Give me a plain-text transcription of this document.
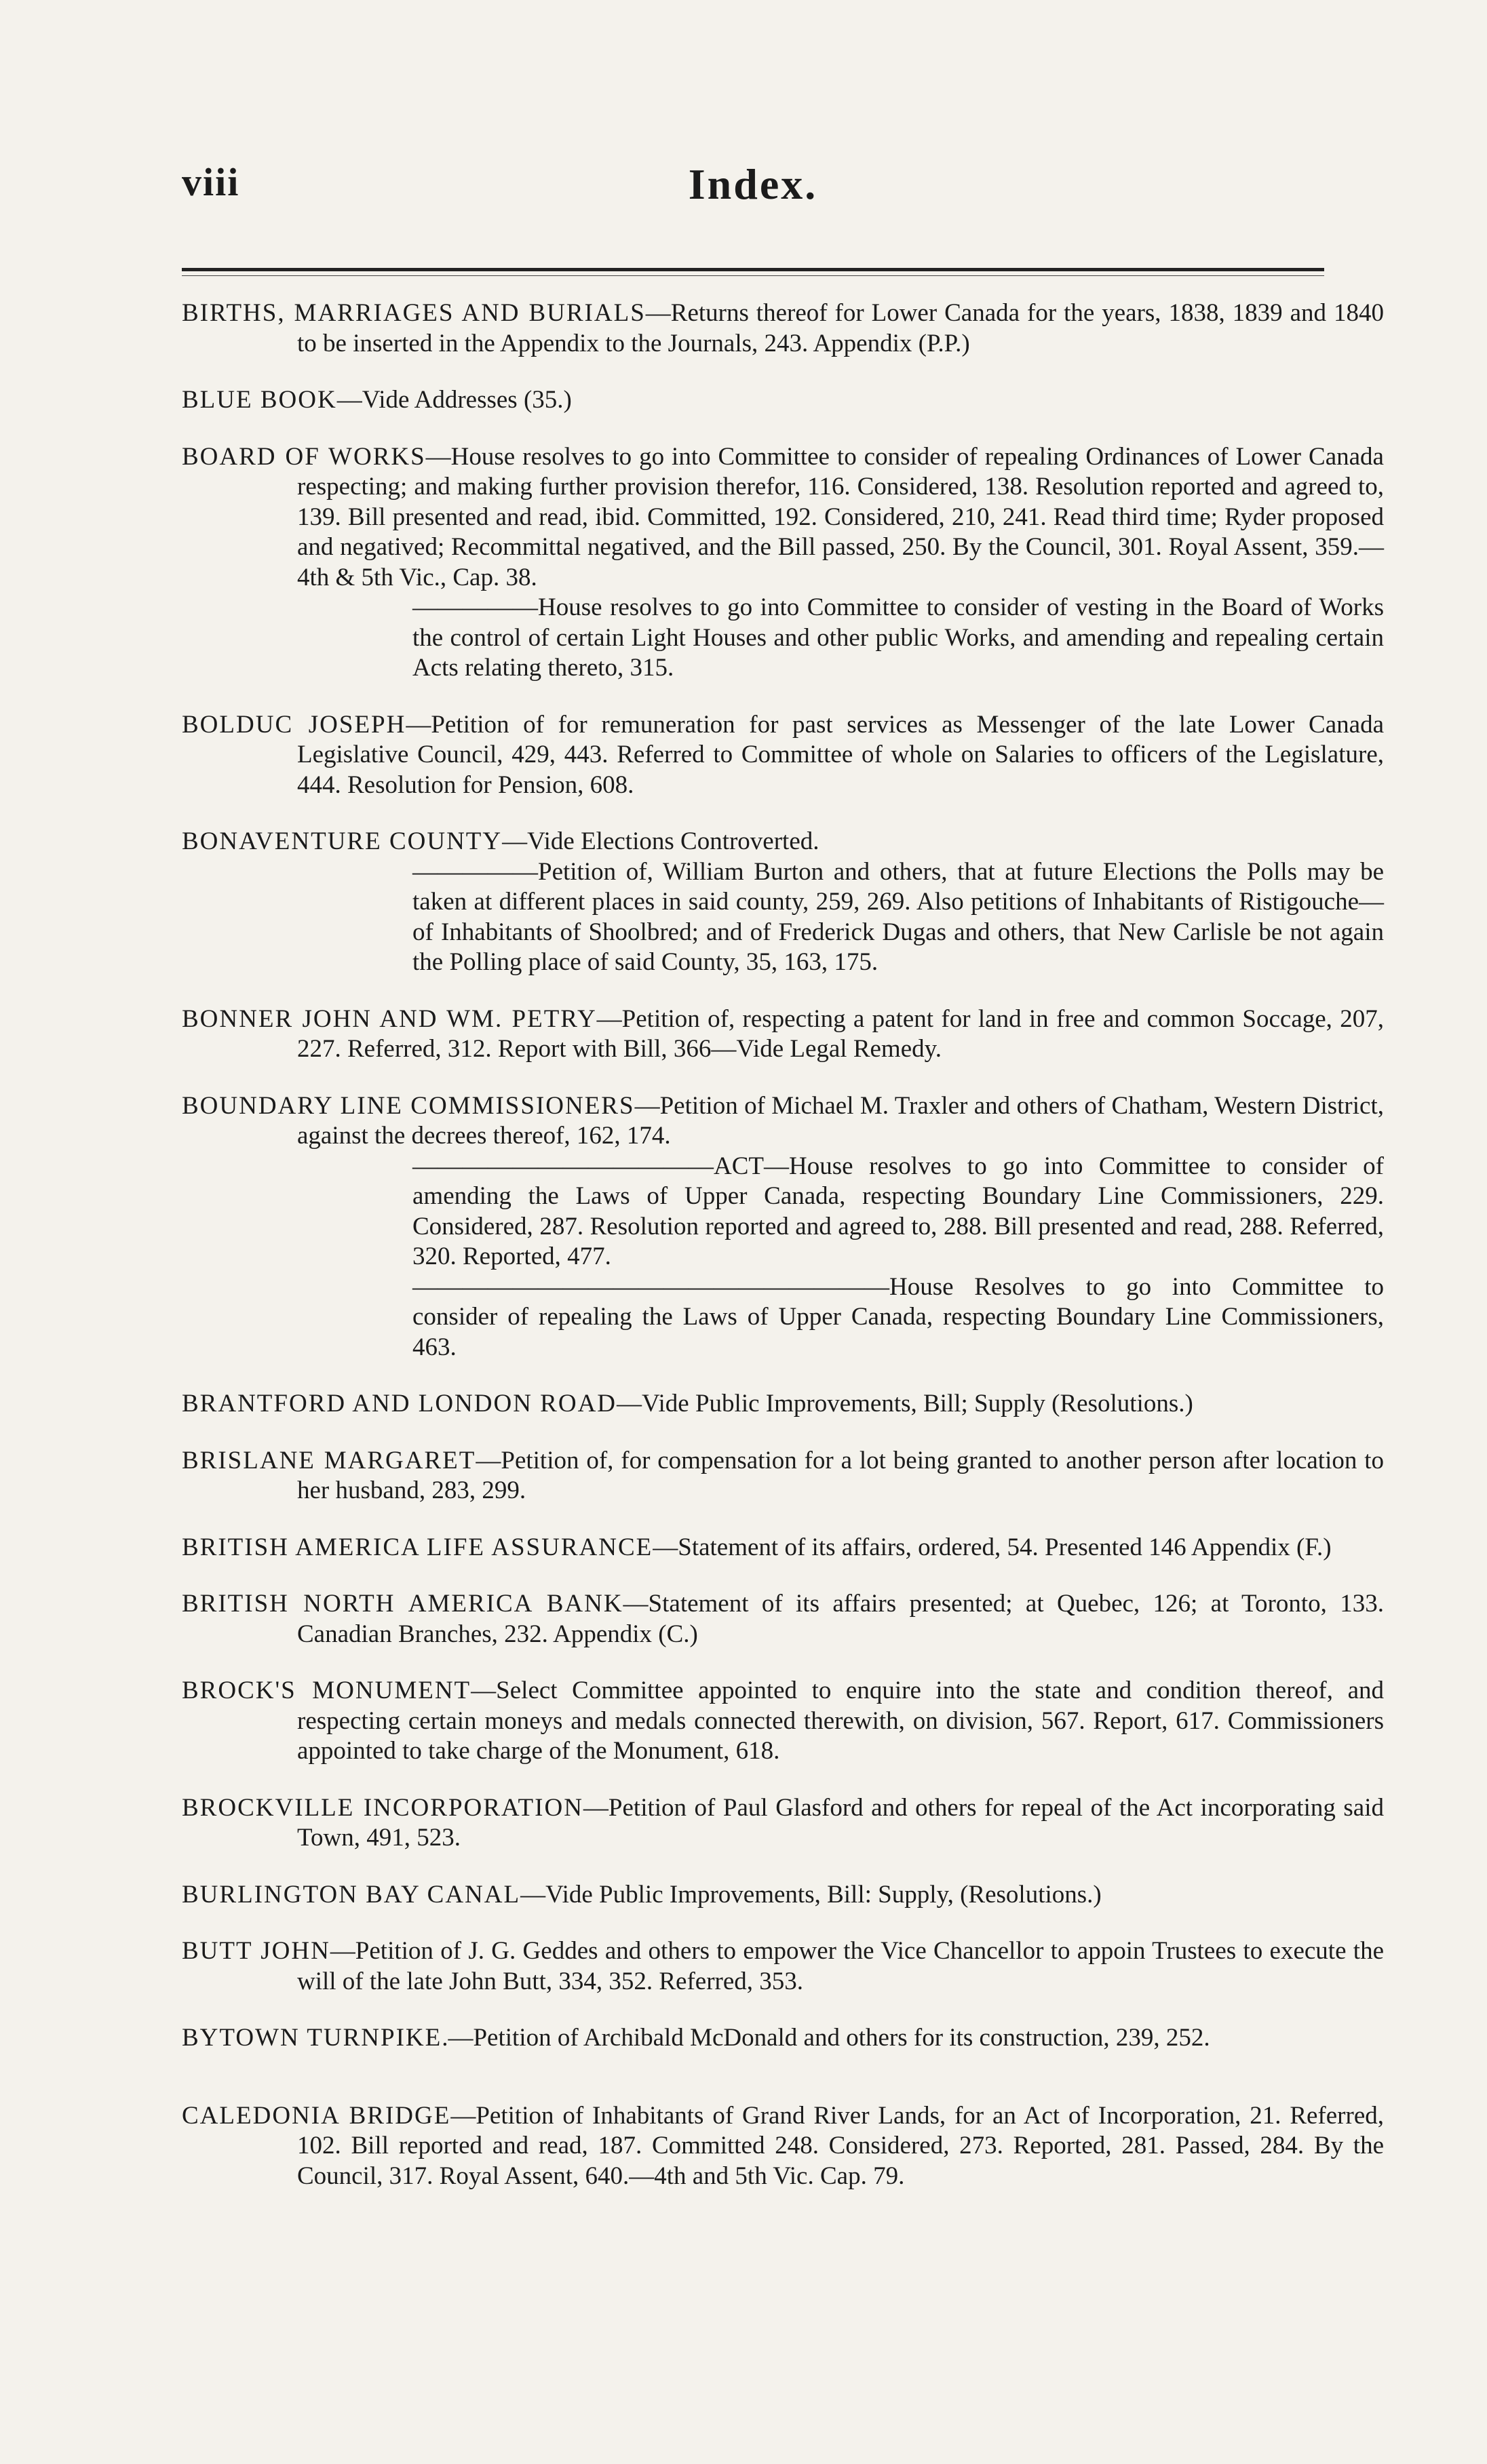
viii	Index.

BIRTHS, MARRIAGES AND BURIALS—Returns thereof for Lower Canada for the years, 1838, 1839 and 1840 to be inserted in the Appendix to the Journals, 243. Appendix (P.P.)

BLUE BOOK—Vide Addresses (35.)

BOARD OF WORKS—House resolves to go into Committee to consider of repealing Ordinances of Lower Canada respecting; and making further provision therefor, 116. Considered, 138. Resolution reported and agreed to, 139. Bill presented and read, ibid. Committed, 192. Considered, 210, 241. Read third time; Ryder proposed and negatived; Recommittal negatived, and the Bill passed, 250. By the Council, 301. Royal Assent, 359.—4th & 5th Vic., Cap. 38.
—————House resolves to go into Committee to consider of vesting in the Board of Works the control of certain Light Houses and other public Works, and amending and repealing certain Acts relating thereto, 315.

BOLDUC JOSEPH—Petition of for remuneration for past services as Messenger of the late Lower Canada Legislative Council, 429, 443. Referred to Committee of whole on Salaries to officers of the Legislature, 444. Resolution for Pension, 608.

BONAVENTURE COUNTY—Vide Elections Controverted.
—————Petition of, William Burton and others, that at future Elections the Polls may be taken at different places in said county, 259, 269. Also petitions of Inhabitants of Ristigouche—of Inhabitants of Shoolbred; and of Frederick Dugas and others, that New Carlisle be not again the Polling place of said County, 35, 163, 175.

BONNER JOHN AND WM. PETRY—Petition of, respecting a patent for land in free and common Soccage, 207, 227. Referred, 312. Report with Bill, 366—Vide Legal Remedy.

BOUNDARY LINE COMMISSIONERS—Petition of Michael M. Traxler and others of Chatham, Western District, against the decrees thereof, 162, 174.
————————————ACT—House resolves to go into Committee to consider of amending the Laws of Upper Canada, respecting Boundary Line Commissioners, 229. Considered, 287. Resolution reported and agreed to, 288. Bill presented and read, 288. Referred, 320. Reported, 477.
———————————————————House Resolves to go into Committee to consider of repealing the Laws of Upper Canada, respecting Boundary Line Commissioners, 463.

BRANTFORD AND LONDON ROAD—Vide Public Improvements, Bill; Supply (Resolutions.)

BRISLANE MARGARET—Petition of, for compensation for a lot being granted to another person after location to her husband, 283, 299.

BRITISH AMERICA LIFE ASSURANCE—Statement of its affairs, ordered, 54. Presented 146 Appendix (F.)

BRITISH NORTH AMERICA BANK—Statement of its affairs presented; at Quebec, 126; at Toronto, 133. Canadian Branches, 232. Appendix (C.)

BROCK'S MONUMENT—Select Committee appointed to enquire into the state and condition thereof, and respecting certain moneys and medals connected therewith, on division, 567. Report, 617. Commissioners appointed to take charge of the Monument, 618.

BROCKVILLE INCORPORATION—Petition of Paul Glasford and others for repeal of the Act incorporating said Town, 491, 523.

BURLINGTON BAY CANAL—Vide Public Improvements, Bill: Supply, (Resolutions.)

BUTT JOHN—Petition of J. G. Geddes and others to empower the Vice Chancellor to appoin Trustees to execute the will of the late John Butt, 334, 352. Referred, 353.

BYTOWN TURNPIKE.—Petition of Archibald McDonald and others for its construction, 239, 252.

CALEDONIA BRIDGE—Petition of Inhabitants of Grand River Lands, for an Act of Incorporation, 21. Referred, 102. Bill reported and read, 187. Committed 248. Considered, 273. Reported, 281. Passed, 284. By the Council, 317. Royal Assent, 640.—4th and 5th Vic. Cap. 79.
